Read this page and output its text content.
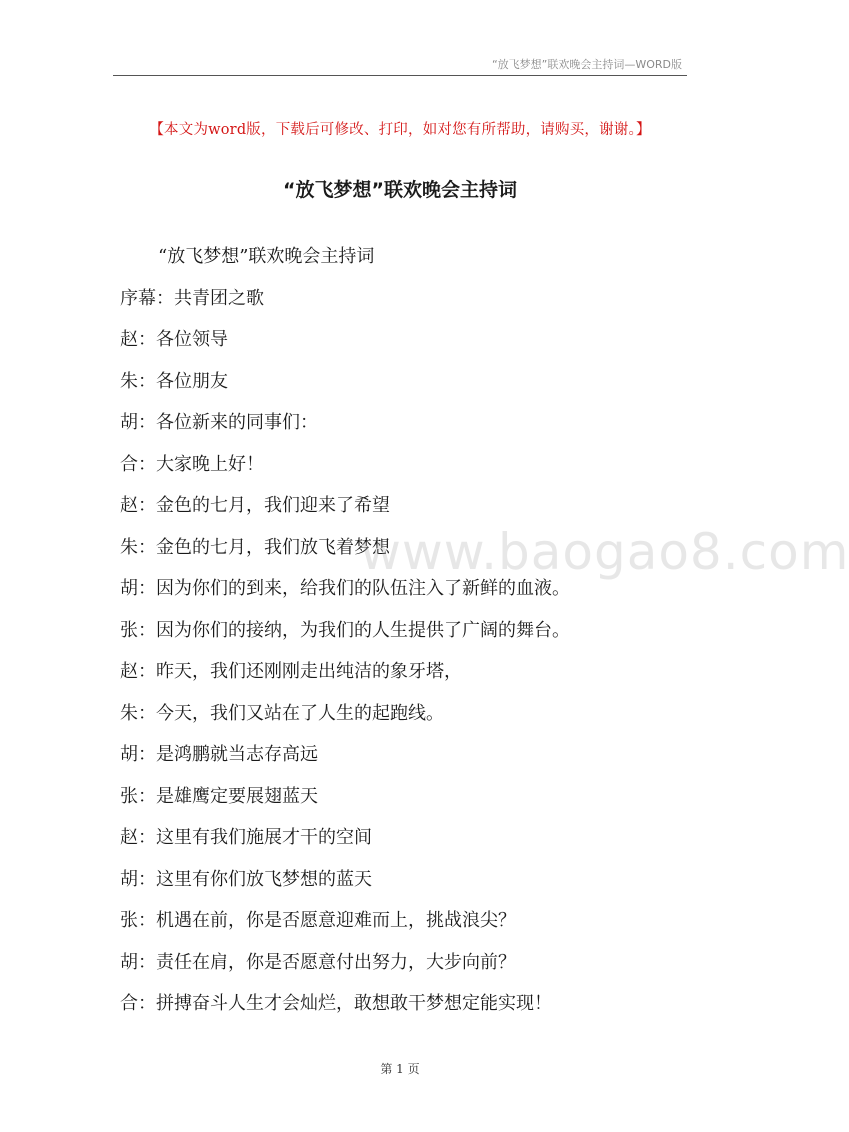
“放飞梦想”联欢晚会主持词—WORD版
【本文为word版，下载后可修改、打印，如对您有所帮助，请购买，谢谢。】
“放飞梦想”联欢晚会主持词
“放飞梦想”联欢晚会主持词
序幕：共青团之歌
赵：各位领导
朱：各位朋友
胡：各位新来的同事们：
合：大家晚上好！
赵：金色的七月，我们迎来了希望
朱：金色的七月，我们放飞着梦想
胡：因为你们的到来，给我们的队伍注入了新鲜的血液。
张：因为你们的接纳，为我们的人生提供了广阔的舞台。
赵：昨天，我们还刚刚走出纯洁的象牙塔，
朱：今天，我们又站在了人生的起跑线。
胡：是鸿鹏就当志存高远
张：是雄鹰定要展翅蓝天
赵：这里有我们施展才干的空间
胡：这里有你们放飞梦想的蓝天
张：机遇在前，你是否愿意迎难而上，挑战浪尖？
胡：责任在肩，你是否愿意付出努力，大步向前？
合：拼搏奋斗人生才会灿烂，敢想敢干梦想定能实现！
www.baogao8.com
第 1 页
